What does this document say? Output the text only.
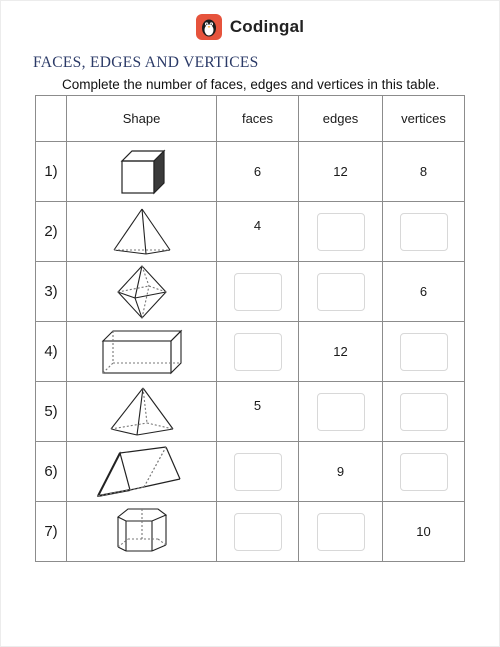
Codingal
FACES, EDGES AND VERTICES
Complete the number of faces, edges and vertices in this table.
	Shape	faces	edges	vertices
1)		6	12	8
2)		4	

3)				6
4)			12	

5)		5	

6)			9	

7)				10
